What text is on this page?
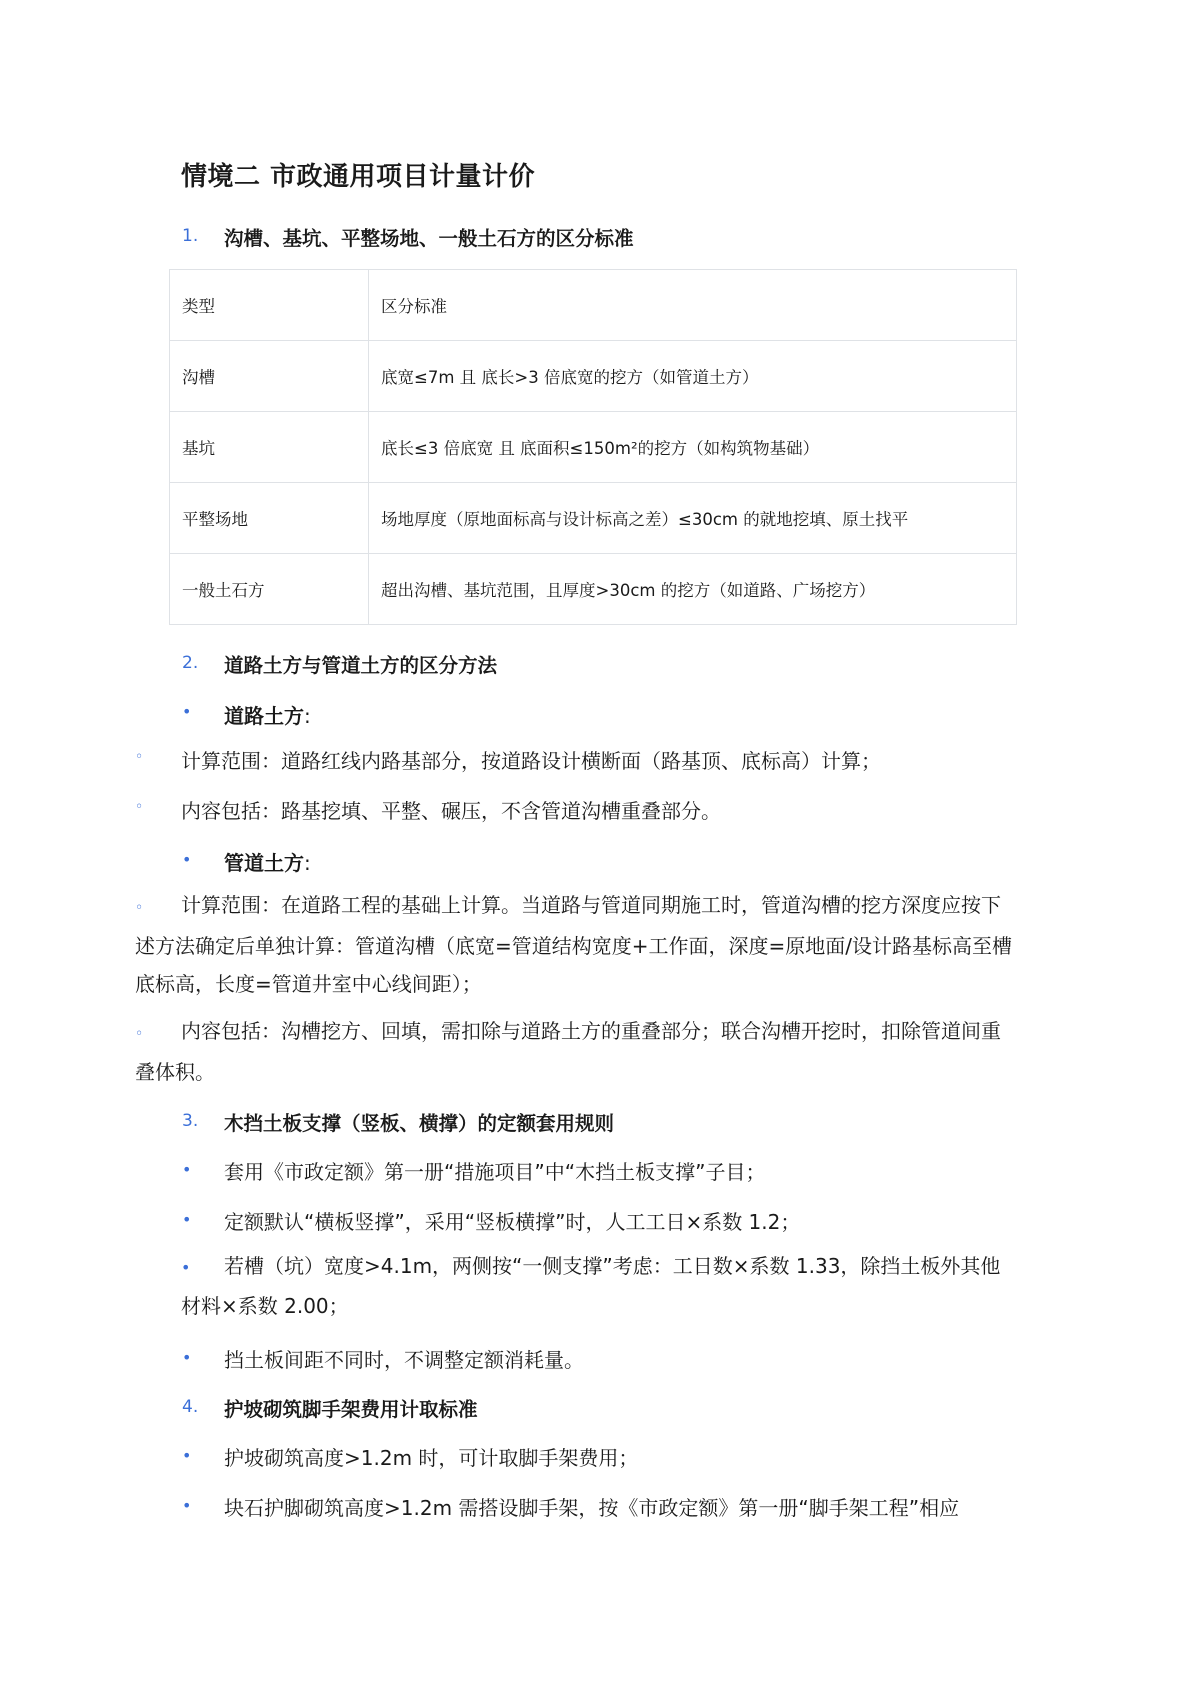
情境二 市政通用项目计量计价
1. 沟槽、基坑、平整场地、一般土石方的区分标准
类型	区分标准
沟槽	底宽≤7m 且 底长>3 倍底宽的挖方（如管道土方）
基坑	底长≤3 倍底宽 且 底面积≤150m²的挖方（如构筑物基础）
平整场地	场地厚度（原地面标高与设计标高之差）≤30cm 的就地挖填、原土找平
一般土石方	超出沟槽、基坑范围，且厚度>30cm 的挖方（如道路、广场挖方）
2. 道路土方与管道土方的区分方法
• 道路土方:
◦ 计算范围：道路红线内路基部分，按道路设计横断面（路基顶、底标高）计算；
◦ 内容包括：路基挖填、平整、碾压，不含管道沟槽重叠部分。
• 管道土方:
◦ 计算范围：在道路工程的基础上计算。当道路与管道同期施工时，管道沟槽的挖方深度应按下述方法确定后单独计算：管道沟槽（底宽=管道结构宽度+工作面，深度=原地面/设计路基标高至槽底标高，长度=管道井室中心线间距）；
◦ 内容包括：沟槽挖方、回填，需扣除与道路土方的重叠部分；联合沟槽开挖时，扣除管道间重叠体积。
3. 木挡土板支撑（竖板、横撑）的定额套用规则
• 套用《市政定额》第一册“措施项目”中“木挡土板支撑”子目；
• 定额默认“横板竖撑”，采用“竖板横撑”时，人工工日×系数 1.2；
• 若槽（坑）宽度>4.1m，两侧按“一侧支撑”考虑：工日数×系数 1.33，除挡土板外其他材料×系数 2.00；
• 挡土板间距不同时，不调整定额消耗量。
4. 护坡砌筑脚手架费用计取标准
• 护坡砌筑高度>1.2m 时，可计取脚手架费用；
• 块石护脚砌筑高度>1.2m 需搭设脚手架，按《市政定额》第一册“脚手架工程”相应
